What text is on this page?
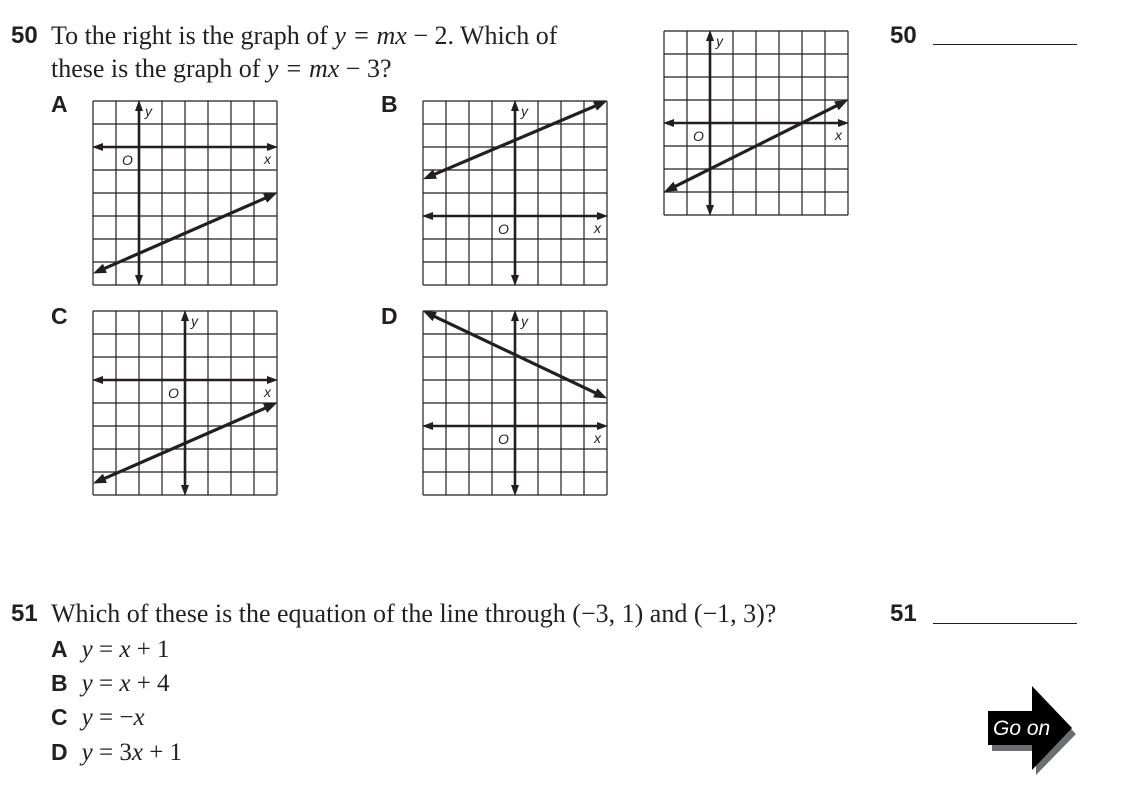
50 To the right is the graph of y = mx − 2. Which of
these is the graph of y = mx − 3?
50
A	B
C	D
y
x
O
y
x
O
y
x
O
y
x
O
y
x
O
51 Which of these is the equation of the line through (−3, 1) and (−1, 3)?	51
A y = x + 1
B y = x + 4
C y = −x
D y = 3x + 1
Go on
